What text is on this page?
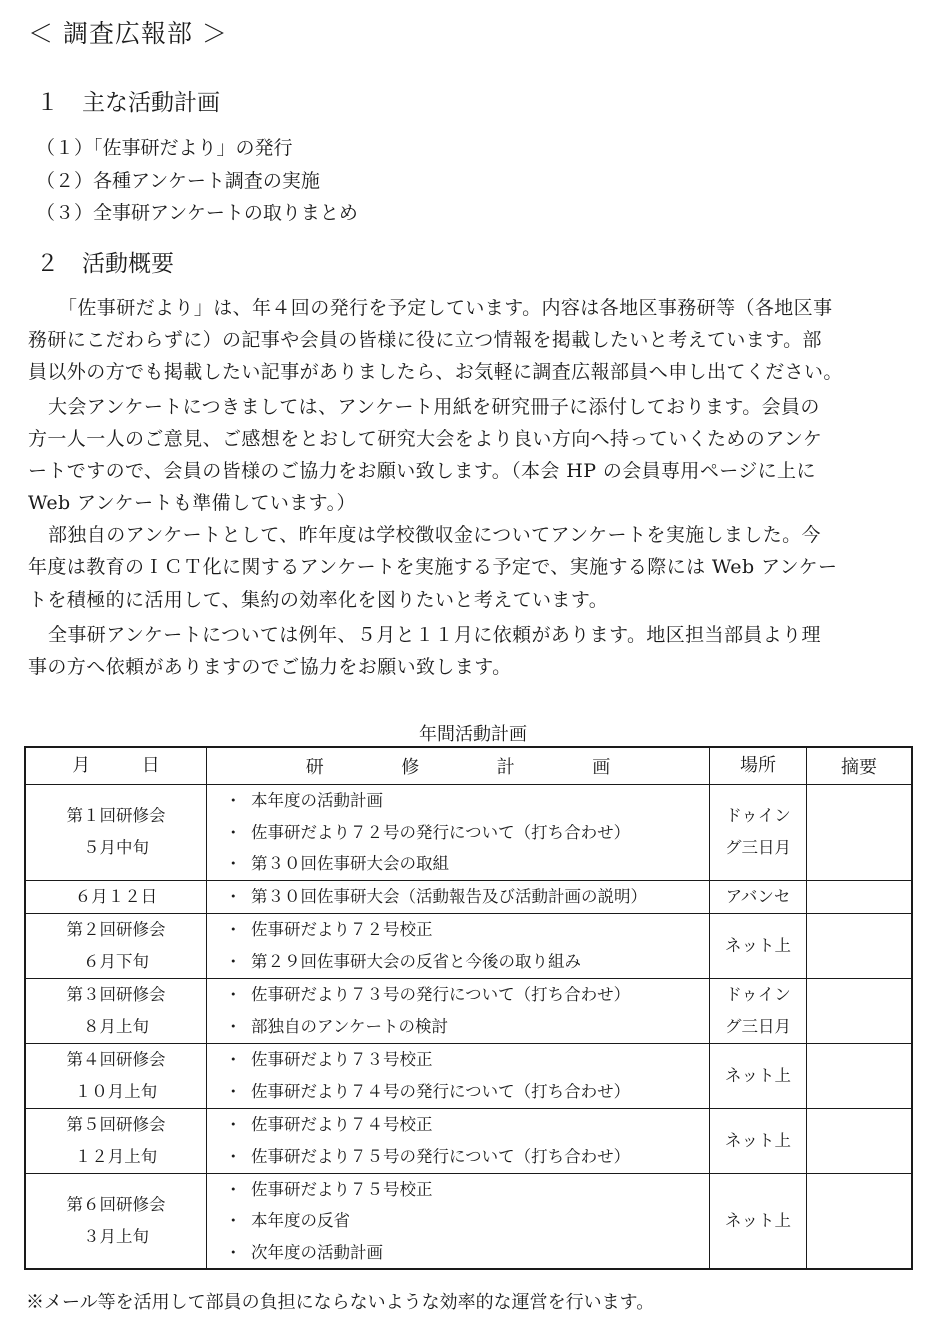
＜ 調査広報部 ＞
１　主な活動計画
（１）「佐事研だより」の発行
（２）各種アンケート調査の実施
（３）全事研アンケートの取りまとめ
２　活動概要
「佐事研だより」は、年４回の発行を予定しています。内容は各地区事務研等（各地区事
務研にこだわらずに）の記事や会員の皆様に役に立つ情報を掲載したいと考えています。部
員以外の方でも掲載したい記事がありましたら、お気軽に調査広報部員へ申し出てください。
大会アンケートにつきましては、アンケート用紙を研究冊子に添付しております。会員の
方一人一人のご意見、ご感想をとおして研究大会をより良い方向へ持っていくためのアンケ
ートですので、会員の皆様のご協力をお願い致します。（本会 HP の会員専用ページに上に
Web アンケートも準備しています。）
部独自のアンケートとして、昨年度は学校徴収金についてアンケートを実施しました。今
年度は教育のＩＣＴ化に関するアンケートを実施する予定で、実施する際には Web アンケー
トを積極的に活用して、集約の効率化を図りたいと考えています。
全事研アンケートについては例年、５月と１１月に依頼があります。地区担当部員より理
事の方へ依頼がありますのでご協力をお願い致します。
年間活動計画
月 日	研 修 計 画	場所	摘要

第１回研修会
５月中旬	・ 本年度の活動計画
・ 佐事研だより７２号の発行について（打ち合わせ）
・ 第３０回佐事研大会の取組	ドゥイン
グ三日月	

６月１２日	・ 第３０回佐事研大会（活動報告及び活動計画の説明）	アバンセ	

第２回研修会
６月下旬	・ 佐事研だより７２号校正
・ 第２９回佐事研大会の反省と今後の取り組み	ネット上	

第３回研修会
８月上旬	・ 佐事研だより７３号の発行について（打ち合わせ）
・ 部独自のアンケートの検討	ドゥイン
グ三日月	

第４回研修会
１０月上旬	・ 佐事研だより７３号校正
・ 佐事研だより７４号の発行について（打ち合わせ）	ネット上	

第５回研修会
１２月上旬	・ 佐事研だより７４号校正
・ 佐事研だより７５号の発行について（打ち合わせ）	ネット上	

第６回研修会
３月上旬	・ 佐事研だより７５号校正
・ 本年度の反省
・ 次年度の活動計画	ネット上	

※メール等を活用して部員の負担にならないような効率的な運営を行います。
